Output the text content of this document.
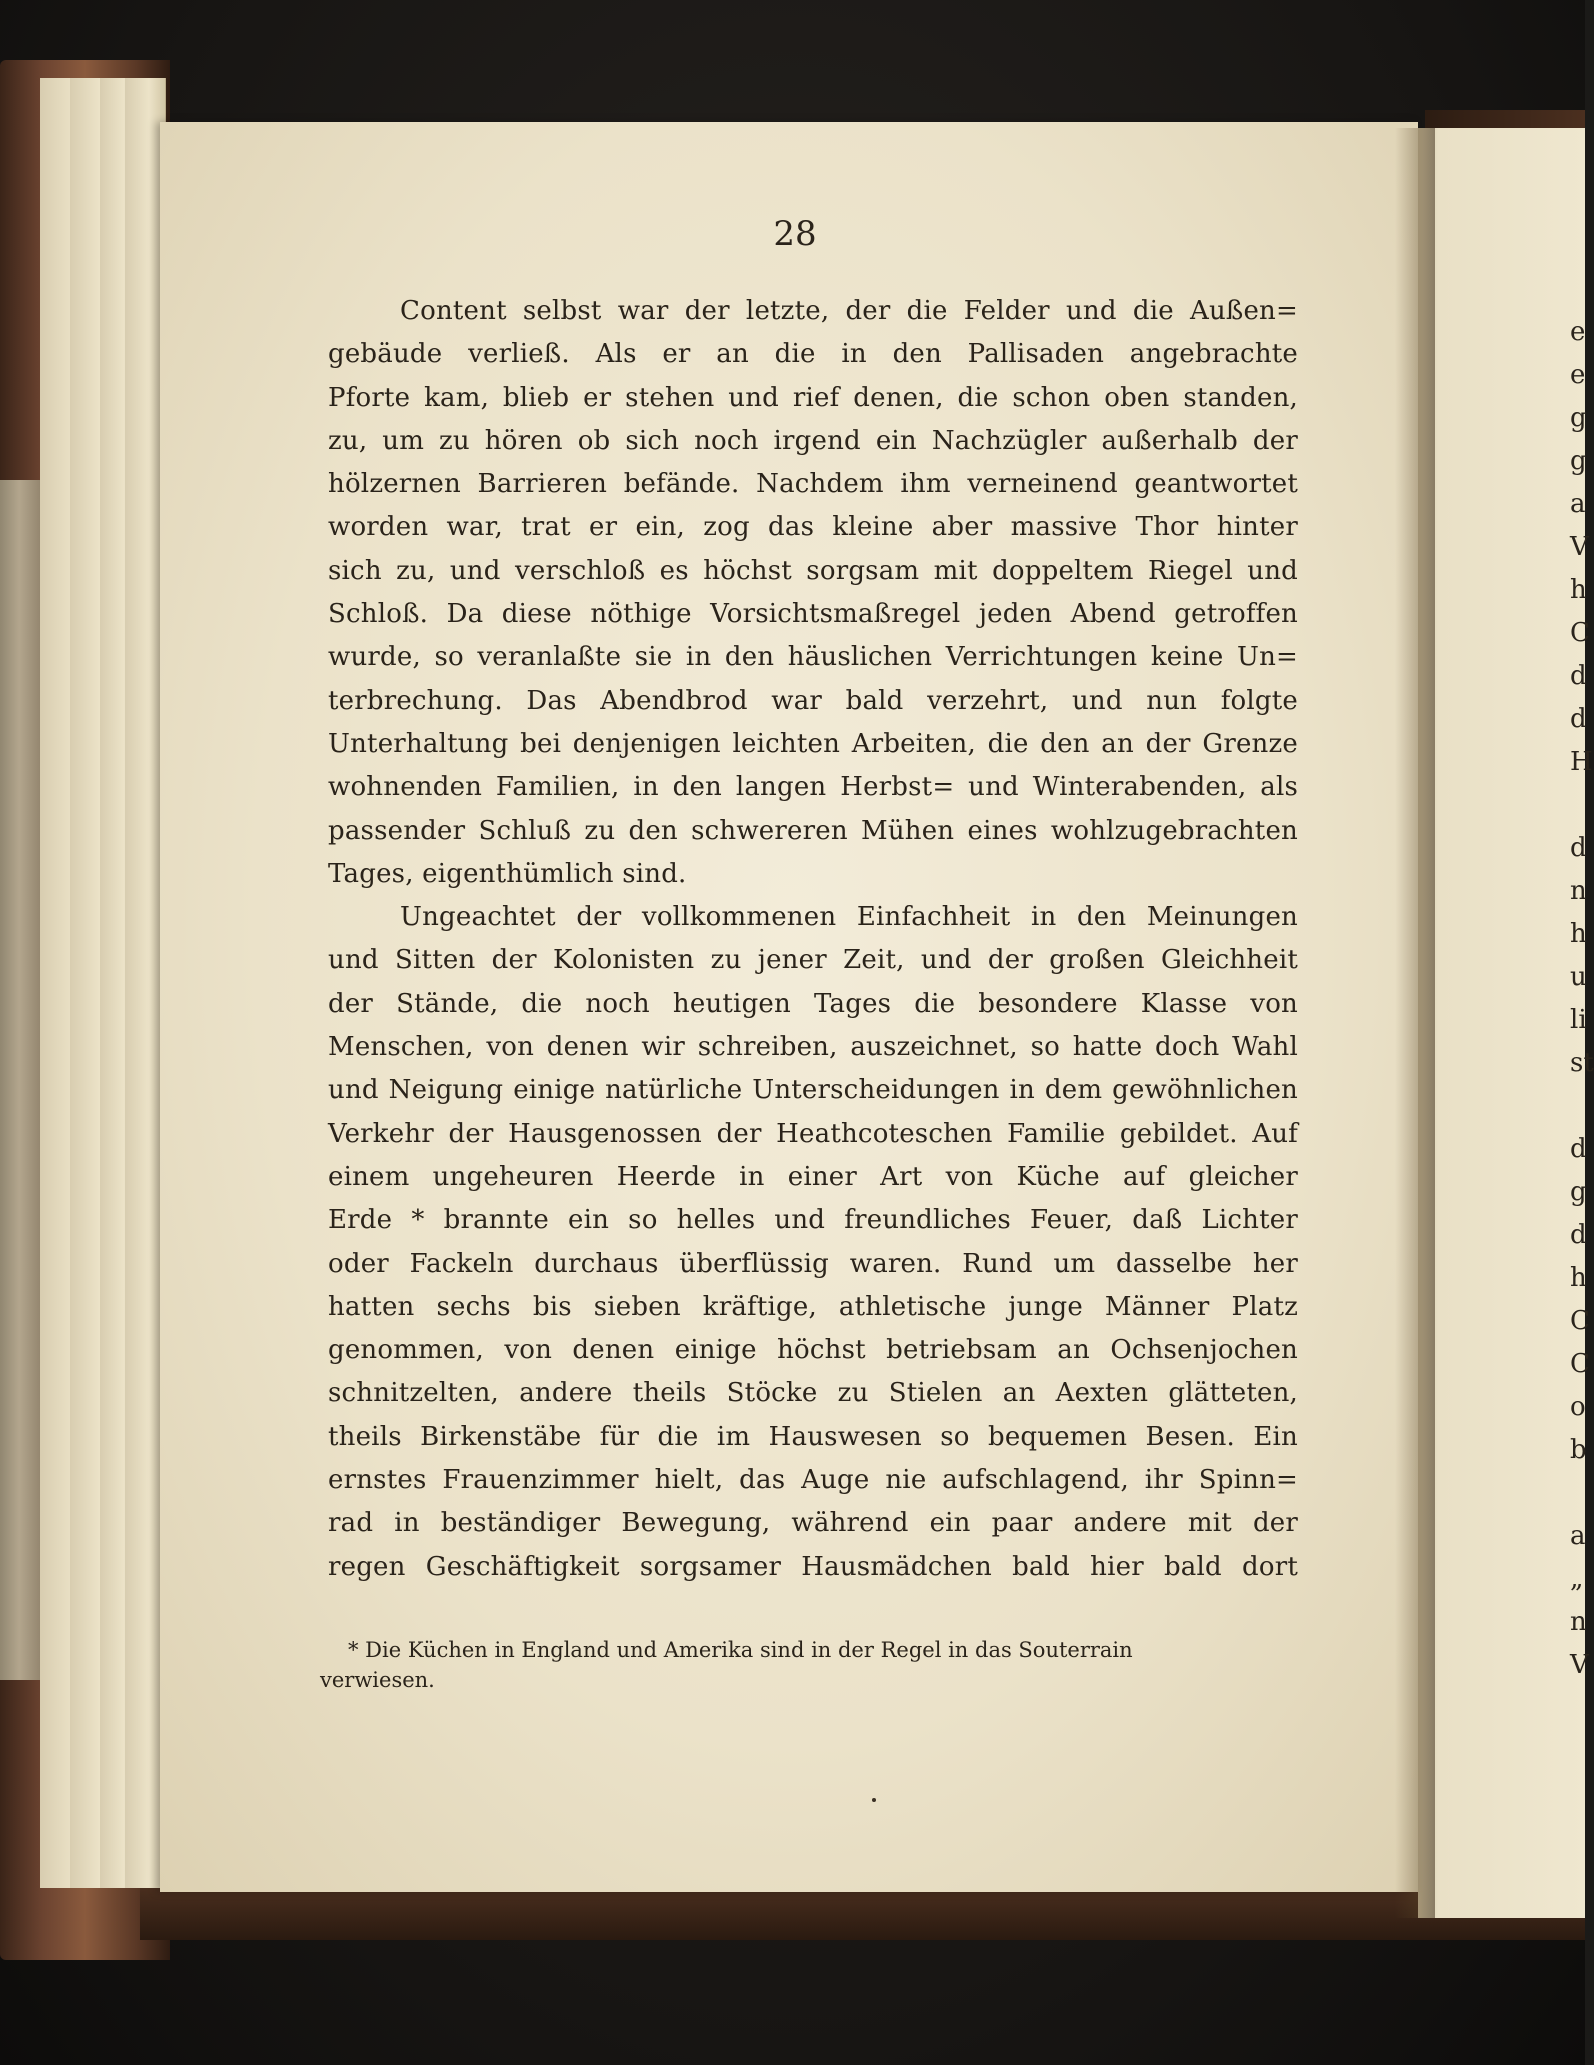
28

Content selbst war der letzte, der die Felder und die Außen=
gebäude verließ. Als er an die in den Pallisaden angebrachte
Pforte kam, blieb er stehen und rief denen, die schon oben standen,
zu, um zu hören ob sich noch irgend ein Nachzügler außerhalb der
hölzernen Barrieren befände. Nachdem ihm verneinend geantwortet
worden war, trat er ein, zog das kleine aber massive Thor hinter
sich zu, und verschloß es höchst sorgsam mit doppeltem Riegel und
Schloß. Da diese nöthige Vorsichtsmaßregel jeden Abend getroffen
wurde, so veranlaßte sie in den häuslichen Verrichtungen keine Un=
terbrechung. Das Abendbrod war bald verzehrt, und nun folgte
Unterhaltung bei denjenigen leichten Arbeiten, die den an der Grenze
wohnenden Familien, in den langen Herbst= und Winterabenden, als
passender Schluß zu den schwereren Mühen eines wohlzugebrachten
Tages, eigenthümlich sind.

Ungeachtet der vollkommenen Einfachheit in den Meinungen
und Sitten der Kolonisten zu jener Zeit, und der großen Gleichheit
der Stände, die noch heutigen Tages die besondere Klasse von
Menschen, von denen wir schreiben, auszeichnet, so hatte doch Wahl
und Neigung einige natürliche Unterscheidungen in dem gewöhnlichen
Verkehr der Hausgenossen der Heathcoteschen Familie gebildet. Auf
einem ungeheuren Heerde in einer Art von Küche auf gleicher
Erde * brannte ein so helles und freundliches Feuer, daß Lichter
oder Fackeln durchaus überflüssig waren. Rund um dasselbe her
hatten sechs bis sieben kräftige, athletische junge Männer Platz
genommen, von denen einige höchst betriebsam an Ochsenjochen
schnitzelten, andere theils Stöcke zu Stielen an Aexten glätteten,
theils Birkenstäbe für die im Hauswesen so bequemen Besen. Ein
ernstes Frauenzimmer hielt, das Auge nie aufschlagend, ihr Spinn=
rad in beständiger Bewegung, während ein paar andere mit der
regen Geschäftigkeit sorgsamer Hausmädchen bald hier bald dort

* Die Küchen in England und Amerika sind in der Regel in das Souterrain
verwiesen.
e
e
g
g
a
V
h
C
d
d
H
d
n
h
u
li
st
d
g
d
h
C
C
o
b
a
„
n
V
